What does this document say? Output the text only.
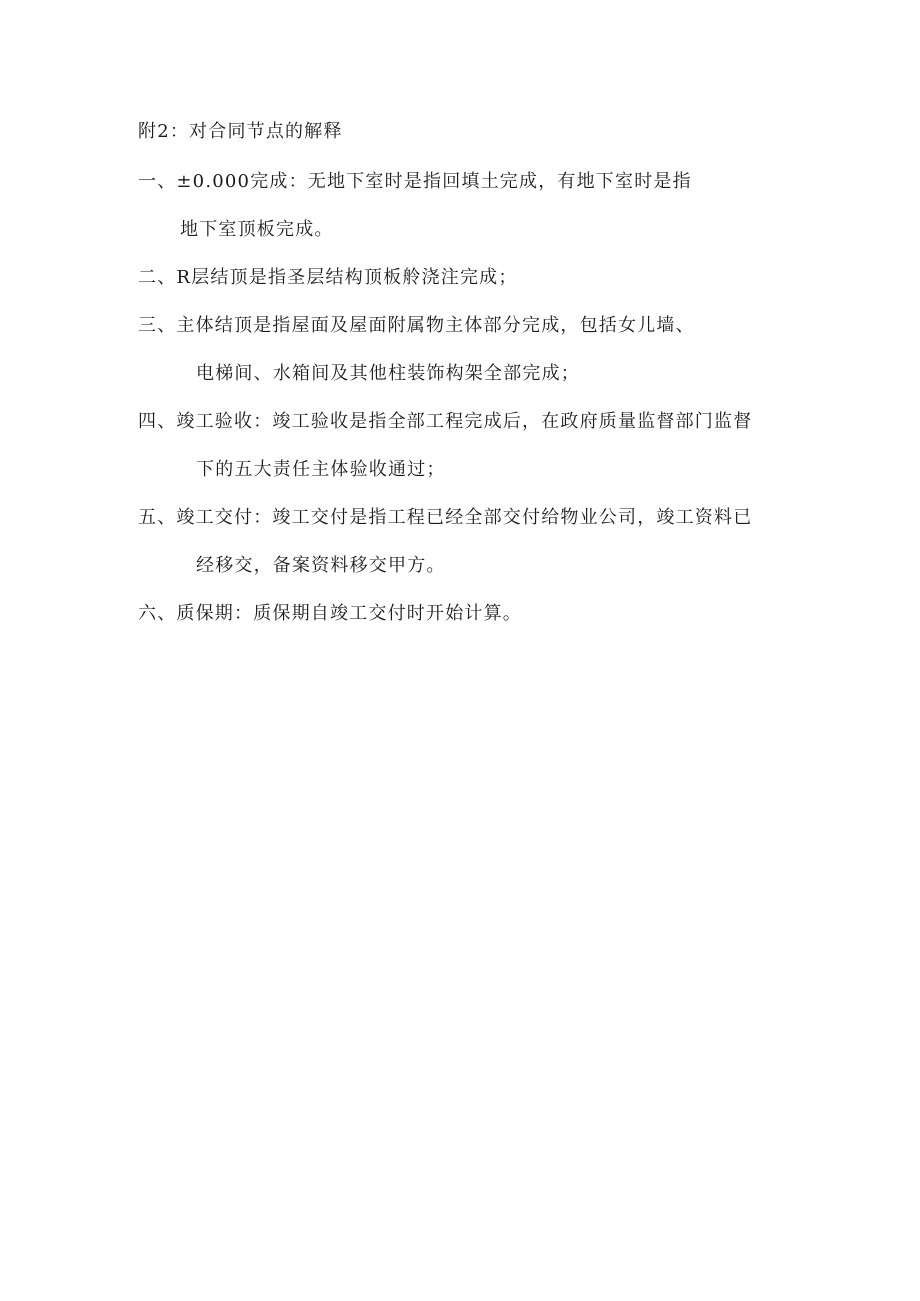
附2：对合同节点的解释
一、±0.000完成：无地下室时是指回填土完成，有地下室时是指
地下室顶板完成。
二、R层结顶是指圣层结构顶板舲浇注完成；
三、主体结顶是指屋面及屋面附属物主体部分完成，包括女儿墙、
电梯间、水箱间及其他柱装饰构架全部完成；
四、竣工验收：竣工验收是指全部工程完成后，在政府质量监督部门监督
下的五大责任主体验收通过；
五、竣工交付：竣工交付是指工程已经全部交付给物业公司，竣工资料已
经移交，备案资料移交甲方。
六、质保期：质保期自竣工交付时开始计算。
